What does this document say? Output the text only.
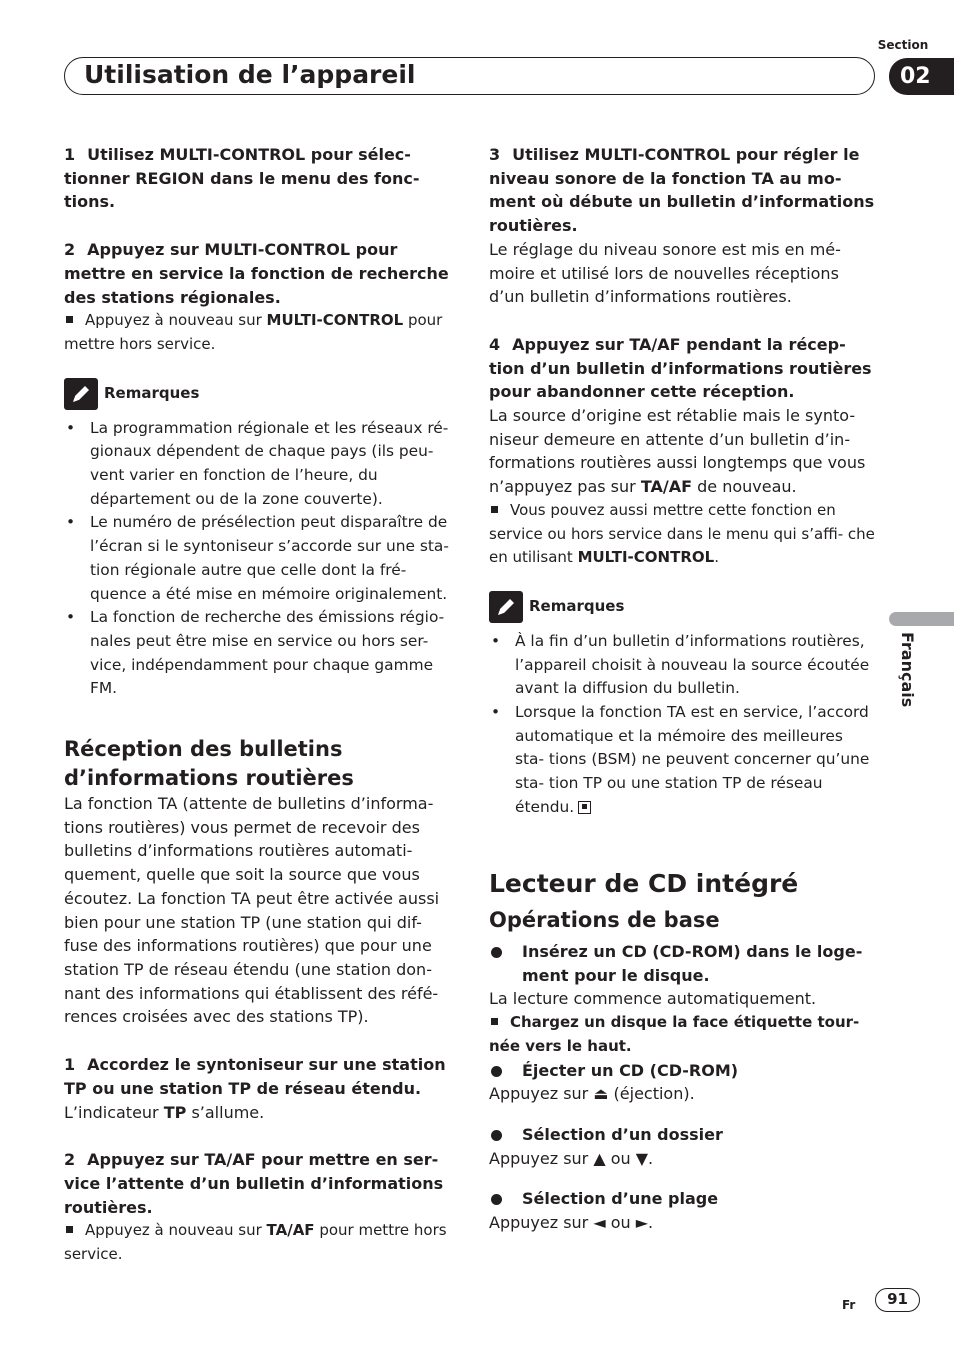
Section
02
Utilisation de l’appareil

1 Utilisez MULTI-CONTROL pour sélec- tionner REGION dans le menu des fonc- tions.

2 Appuyez sur MULTI-CONTROL pour mettre en service la fonction de recherche des stations régionales.

Appuyez à nouveau sur MULTI-CONTROL pour mettre hors service.

Remarques
• La programmation régionale et les réseaux ré- gionaux dépendent de chaque pays (ils peu- vent varier en fonction de l’heure, du département ou de la zone couverte).
• Le numéro de présélection peut disparaître de l’écran si le syntoniseur s’accorde sur une sta- tion régionale autre que celle dont la fré- quence a été mise en mémoire originalement.
• La fonction de recherche des émissions régio- nales peut être mise en service ou hors ser- vice, indépendamment pour chaque gamme FM.
Réception des bulletins d’informations routières

La fonction TA (attente de bulletins d’informa- tions routières) vous permet de recevoir des bulletins d’informations routières automati- quement, quelle que soit la source que vous écoutez. La fonction TA peut être activée aussi bien pour une station TP (une station qui dif- fuse des informations routières) que pour une station TP de réseau étendu (une station don- nant des informations qui établissent des réfé- rences croisées avec des stations TP).

1 Accordez le syntoniseur sur une station TP ou une station TP de réseau étendu.

L’indicateur TP s’allume.

2 Appuyez sur TA/AF pour mettre en ser- vice l’attente d’un bulletin d’informations routières.

Appuyez à nouveau sur TA/AF pour mettre hors service.

3 Utilisez MULTI-CONTROL pour régler le niveau sonore de la fonction TA au mo- ment où débute un bulletin d’informations routières.

Le réglage du niveau sonore est mis en mé- moire et utilisé lors de nouvelles réceptions d’un bulletin d’informations routières.

4 Appuyez sur TA/AF pendant la récep- tion d’un bulletin d’informations routières pour abandonner cette réception.

La source d’origine est rétablie mais le synto- niseur demeure en attente d’un bulletin d’in- formations routières aussi longtemps que vous n’appuyez pas sur TA/AF de nouveau.

Vous pouvez aussi mettre cette fonction en service ou hors service dans le menu qui s’affi- che en utilisant MULTI-CONTROL.

Remarques
• À la fin d’un bulletin d’informations routières, l’appareil choisit à nouveau la source écoutée avant la diffusion du bulletin.
• Lorsque la fonction TA est en service, l’accord automatique et la mémoire des meilleures sta- tions (BSM) ne peuvent concerner qu’une sta- tion TP ou une station TP de réseau étendu.
Lecteur de CD intégré
Opérations de base

Insérez un CD (CD-ROM) dans le loge- ment pour le disque.

La lecture commence automatiquement.

Chargez un disque la face étiquette tour- née vers le haut.

Éjecter un CD (CD-ROM)

Appuyez sur ⏏ (éjection).

Sélection d’un dossier

Appuyez sur ▲ ou ▼.

Sélection d’une plage

Appuyez sur ◄ ou ►.

Français
Fr	91
